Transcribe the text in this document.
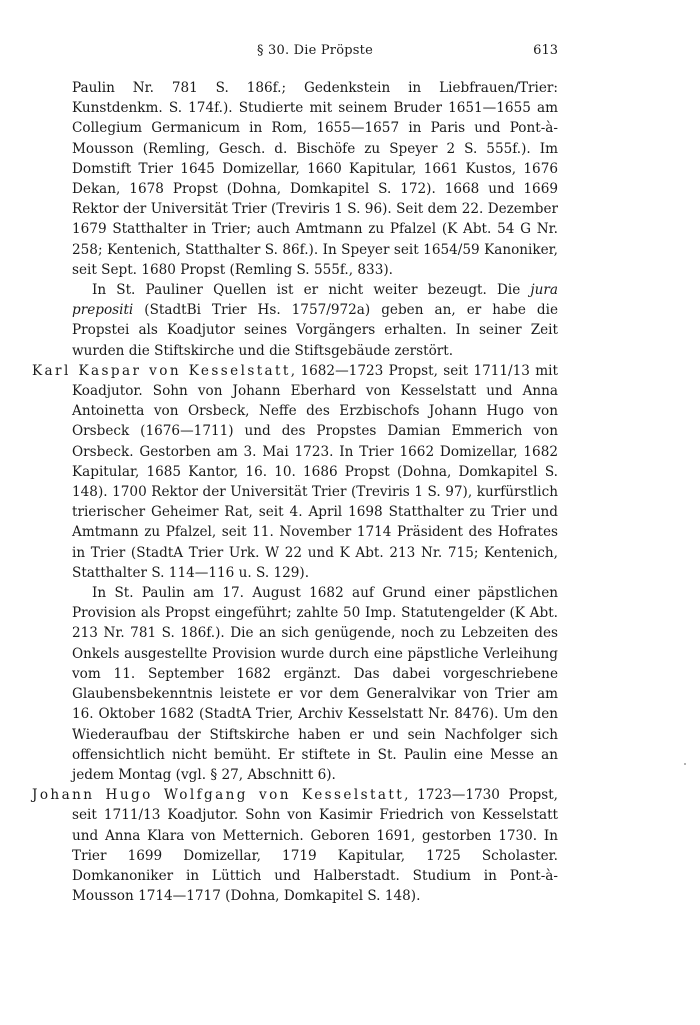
§ 30. Die Pröpste	613

Paulin Nr. 781 S. 186f.; Gedenkstein in Liebfrauen/Trier: Kunstdenkm. S. 174f.). Studierte mit seinem Bruder 1651—1655 am Collegium Germanicum in Rom, 1655—1657 in Paris und Pont-à-Mousson (Remling, Gesch. d. Bischöfe zu Speyer 2 S. 555f.). Im Domstift Trier 1645 Domizellar, 1660 Kapitular, 1661 Kustos, 1676 Dekan, 1678 Propst (Dohna, Domkapitel S. 172). 1668 und 1669 Rektor der Universität Trier (Treviris 1 S. 96). Seit dem 22. Dezember 1679 Statthalter in Trier; auch Amtmann zu Pfalzel (K Abt. 54 G Nr. 258; Kentenich, Statthalter S. 86f.). In Speyer seit 1654/59 Kanoniker, seit Sept. 1680 Propst (Remling S. 555f., 833).

In St. Pauliner Quellen ist er nicht weiter bezeugt. Die jura prepositi (StadtBi Trier Hs. 1757/972a) geben an, er habe die Propstei als Koadjutor seines Vorgängers erhalten. In seiner Zeit wurden die Stiftskirche und die Stiftsgebäude zerstört.

Karl Kaspar von Kesselstatt, 1682—1723 Propst, seit 1711/13 mit Koadjutor. Sohn von Johann Eberhard von Kesselstatt und Anna Antoinetta von Orsbeck, Neffe des Erzbischofs Johann Hugo von Orsbeck (1676—1711) und des Propstes Damian Emmerich von Orsbeck. Gestorben am 3. Mai 1723. In Trier 1662 Domizellar, 1682 Kapitular, 1685 Kantor, 16. 10. 1686 Propst (Dohna, Domkapitel S. 148). 1700 Rektor der Universität Trier (Treviris 1 S. 97), kurfürstlich trierischer Geheimer Rat, seit 4. April 1698 Statthalter zu Trier und Amtmann zu Pfalzel, seit 11. November 1714 Präsident des Hofrates in Trier (StadtA Trier Urk. W 22 und K Abt. 213 Nr. 715; Kentenich, Statthalter S. 114—116 u. S. 129).

In St. Paulin am 17. August 1682 auf Grund einer päpstlichen Provision als Propst eingeführt; zahlte 50 Imp. Statutengelder (K Abt. 213 Nr. 781 S. 186f.). Die an sich genügende, noch zu Lebzeiten des Onkels ausgestellte Provision wurde durch eine päpstliche Verleihung vom 11. September 1682 ergänzt. Das dabei vorgeschriebene Glaubensbekenntnis leistete er vor dem Generalvikar von Trier am 16. Oktober 1682 (StadtA Trier, Archiv Kesselstatt Nr. 8476). Um den Wiederaufbau der Stiftskirche haben er und sein Nachfolger sich offensichtlich nicht bemüht. Er stiftete in St. Paulin eine Messe an jedem Montag (vgl. § 27, Abschnitt 6).

Johann Hugo Wolfgang von Kesselstatt, 1723—1730 Propst, seit 1711/13 Koadjutor. Sohn von Kasimir Friedrich von Kesselstatt und Anna Klara von Metternich. Geboren 1691, gestorben 1730. In Trier 1699 Domizellar, 1719 Kapitular, 1725 Scholaster. Domkanoniker in Lüttich und Halberstadt. Studium in Pont-à-Mousson 1714—1717 (Dohna, Domkapitel S. 148).
